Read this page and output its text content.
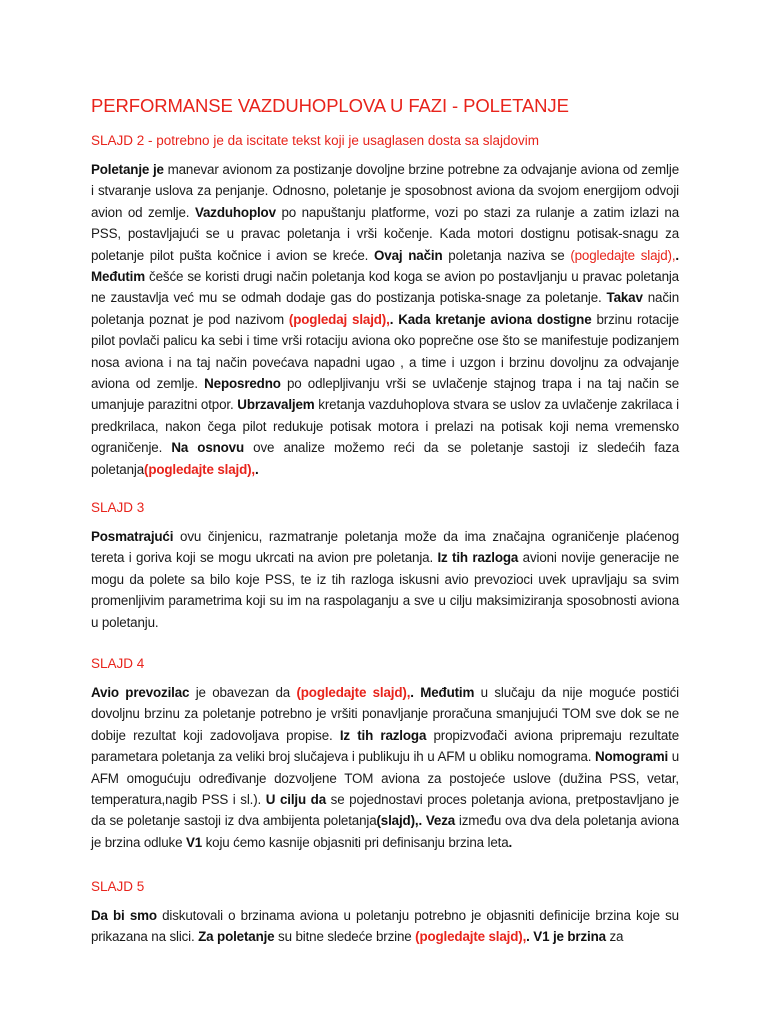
PERFORMANSE VAZDUHOPLOVA U FAZI - POLETANJE
SLAJD 2 - potrebno je da iscitate tekst koji je usaglasen dosta sa slajdovim
Poletanje je manevar avionom za postizanje dovoljne brzine potrebne za odvajanje aviona od zemlje i stvaranje uslova za penjanje. Odnosno, poletanje je sposobnost aviona da svojom energijom odvoji avion od zemlje. Vazduhoplov po napuštanju platforme, vozi po stazi za rulanje a zatim izlazi na PSS, postavljajući se u pravac poletanja i vrši kočenje. Kada motori dostignu potisak-snagu za poletanje pilot pušta kočnice i avion se kreće. Ovaj način poletanja naziva se (pogledajte slajd),. Međutim češće se koristi drugi način poletanja kod koga se avion po postavljanju u pravac poletanja ne zaustavlja već mu se odmah dodaje gas do postizanja potiska-snage za poletanje. Takav način poletanja poznat je pod nazivom (pogledaj slajd),. Kada kretanje aviona dostigne brzinu rotacije pilot povlači palicu ka sebi i time vrši rotaciju aviona oko poprečne ose što se manifestuje podizanjem nosa aviona i na taj način povećava napadni ugao , a time i uzgon i brzinu dovoljnu za odvajanje aviona od zemlje. Neposredno po odlepljivanju vrši se uvlačenje stajnog trapa i na taj način se umanjuje parazitni otpor. Ubrzavaljem kretanja vazduhoplova stvara se uslov za uvlačenje zakrilaca i predkrilaca, nakon čega pilot redukuje potisak motora i prelazi na potisak koji nema vremensko ograničenje. Na osnovu ove analize možemo reći da se poletanje sastoji iz sledećih faza poletanja(pogledajte slajd),.
SLAJD 3
Posmatrajući ovu činjenicu, razmatranje poletanja može da ima značajna ograničenje plaćenog tereta i goriva koji se mogu ukrcati na avion pre poletanja. Iz tih razloga avioni novije generacije ne mogu da polete sa bilo koje PSS, te iz tih razloga iskusni avio prevozioci uvek upravljaju sa svim promenljivim parametrima koji su im na raspolaganju a sve u cilju maksimiziranja sposobnosti aviona u poletanju.
SLAJD 4
Avio prevozilac je obavezan da (pogledajte slajd),. Međutim u slučaju da nije moguće postići dovoljnu brzinu za poletanje potrebno je vršiti ponavljanje proračuna smanjujući TOM sve dok se ne dobije rezultat koji zadovoljava propise. Iz tih razloga propizvođači aviona pripremaju rezultate parametara poletanja za veliki broj slučajeva i publikuju ih u AFM u obliku nomograma. Nomogrami u AFM omogućuju određivanje dozvoljene TOM aviona za postojeće uslove (dužina PSS, vetar, temperatura,nagib PSS i sl.). U cilju da se pojednostavi proces poletanja aviona, pretpostavljano je da se poletanje sastoji iz dva ambijenta poletanja(slajd),. Veza između ova dva dela poletanja aviona je brzina odluke V1 koju ćemo kasnije objasniti pri definisanju brzina leta.
SLAJD 5
Da bi smo diskutovali o brzinama aviona u poletanju potrebno je objasniti definicije brzina koje su prikazana na slici. Za poletanje su bitne sledeće brzine (pogledajte slajd),. V1 je brzina za
